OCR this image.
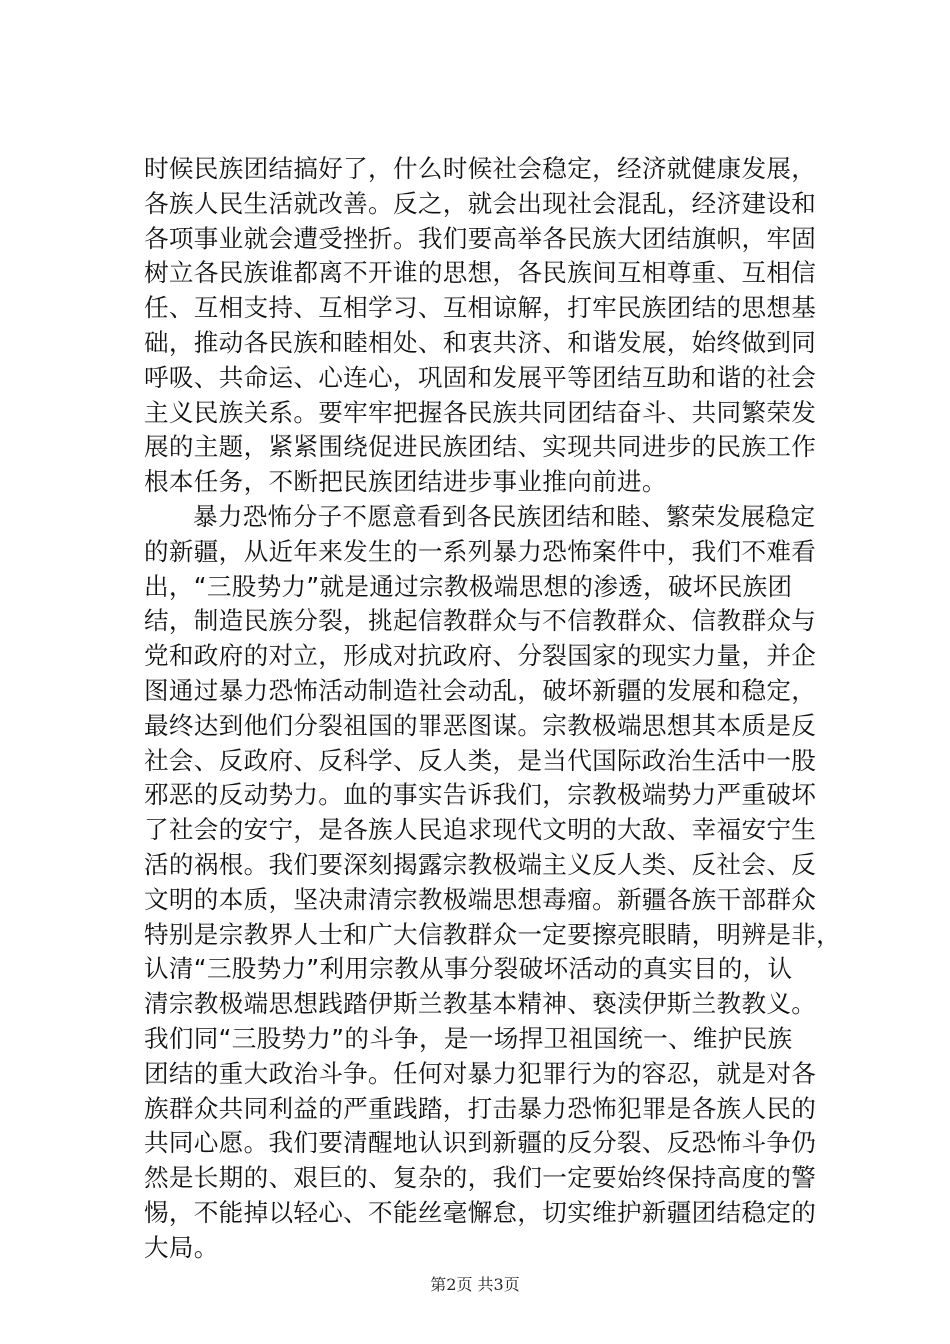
时候民族团结搞好了，什么时候社会稳定，经济就健康发展，
各族人民生活就改善。反之，就会出现社会混乱，经济建设和
各项事业就会遭受挫折。我们要高举各民族大团结旗帜，牢固
树立各民族谁都离不开谁的思想，各民族间互相尊重、互相信
任、互相支持、互相学习、互相谅解，打牢民族团结的思想基
础，推动各民族和睦相处、和衷共济、和谐发展，始终做到同
呼吸、共命运、心连心，巩固和发展平等团结互助和谐的社会
主义民族关系。要牢牢把握各民族共同团结奋斗、共同繁荣发
展的主题，紧紧围绕促进民族团结、实现共同进步的民族工作
根本任务，不断把民族团结进步事业推向前进。
暴力恐怖分子不愿意看到各民族团结和睦、繁荣发展稳定
的新疆，从近年来发生的一系列暴力恐怖案件中，我们不难看
出，“三股势力”就是通过宗教极端思想的渗透，破坏民族团
结，制造民族分裂，挑起信教群众与不信教群众、信教群众与
党和政府的对立，形成对抗政府、分裂国家的现实力量，并企
图通过暴力恐怖活动制造社会动乱，破坏新疆的发展和稳定，
最终达到他们分裂祖国的罪恶图谋。宗教极端思想其本质是反
社会、反政府、反科学、反人类，是当代国际政治生活中一股
邪恶的反动势力。血的事实告诉我们，宗教极端势力严重破坏
了社会的安宁，是各族人民追求现代文明的大敌、幸福安宁生
活的祸根。我们要深刻揭露宗教极端主义反人类、反社会、反
文明的本质，坚决肃清宗教极端思想毒瘤。新疆各族干部群众
特别是宗教界人士和广大信教群众一定要擦亮眼睛，明辨是非，
认清“三股势力”利用宗教从事分裂破坏活动的真实目的，认
清宗教极端思想践踏伊斯兰教基本精神、亵渎伊斯兰教教义。
我们同“三股势力”的斗争，是一场捍卫祖国统一、维护民族
团结的重大政治斗争。任何对暴力犯罪行为的容忍，就是对各
族群众共同利益的严重践踏，打击暴力恐怖犯罪是各族人民的
共同心愿。我们要清醒地认识到新疆的反分裂、反恐怖斗争仍
然是长期的、艰巨的、复杂的，我们一定要始终保持高度的警
惕，不能掉以轻心、不能丝毫懈怠，切实维护新疆团结稳定的
大局。
第2页 共3页
